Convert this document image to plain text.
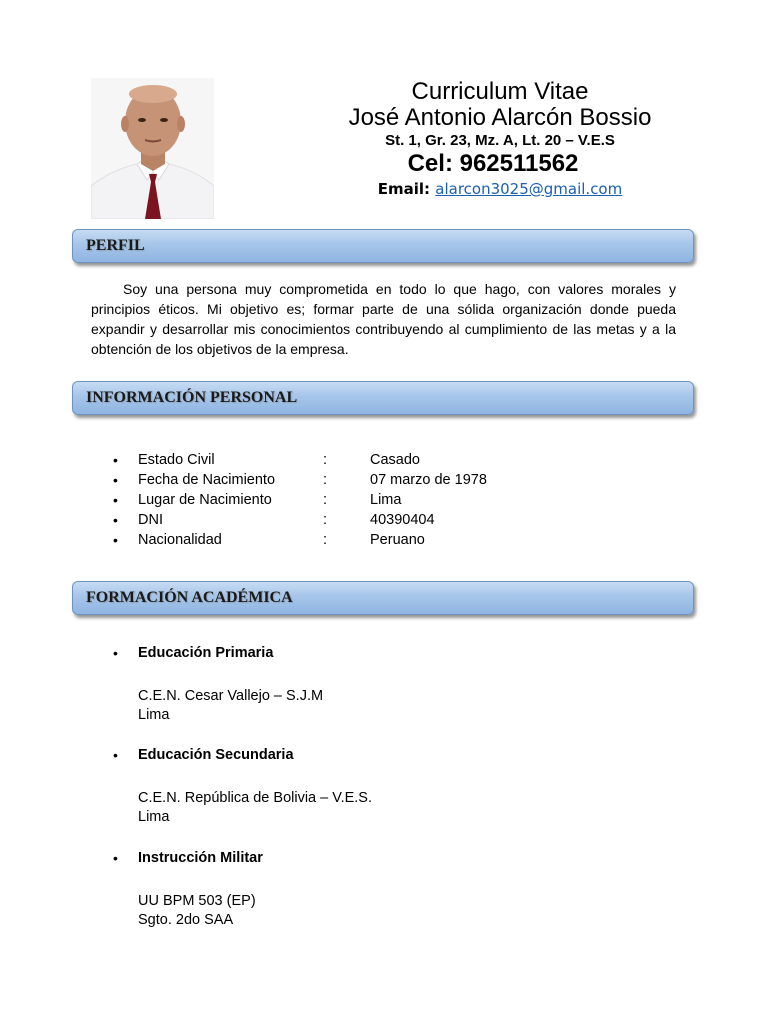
Curriculum Vitae
José Antonio Alarcón Bossio
St. 1, Gr. 23, Mz. A, Lt. 20 – V.E.S
Cel: 962511562
Email: alarcon3025@gmail.com
PERFIL

Soy una persona muy comprometida en todo lo que hago, con valores morales y principios éticos. Mi objetivo es; formar parte de una sólida organización donde pueda expandir y desarrollar mis conocimientos contribuyendo al cumplimiento de las metas y a la obtención de los objetivos de la empresa.

INFORMACIÓN PERSONAL
• Estado Civil	:	Casado
• Fecha de Nacimiento	:	07 marzo de 1978
• Lugar de Nacimiento	:	Lima
• DNI	:	40390404
• Nacionalidad	:	Peruano
FORMACIÓN ACADÉMICA
• Educación Primaria
C.E.N. Cesar Vallejo – S.J.M
Lima
• Educación Secundaria
C.E.N. República de Bolivia – V.E.S.
Lima
• Instrucción Militar
UU BPM 503 (EP)
Sgto. 2do SAA
